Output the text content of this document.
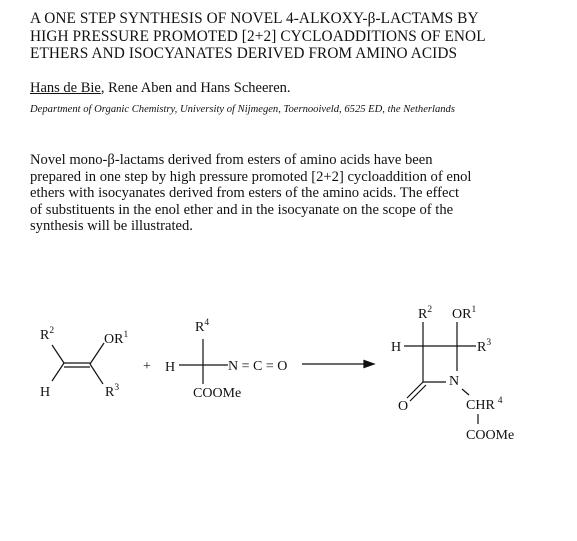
A ONE STEP SYNTHESIS OF NOVEL 4-ALKOXY-β-LACTAMS BY
HIGH PRESSURE PROMOTED [2+2] CYCLOADDITIONS OF ENOL
ETHERS AND ISOCYANATES DERIVED FROM AMINO ACIDS
Hans de Bie, Rene Aben and Hans Scheeren.
Department of Organic Chemistry, University of Nijmegen, Toernooiveld, 6525 ED, the Netherlands
Novel mono-β-lactams derived from esters of amino acids have been
prepared in one step by high pressure promoted [2+2] cycloaddition of enol
ethers with isocyanates derived from esters of the amino acids. The effect
of substituents in the enol ether and in the isocyanate on the scope of the
synthesis will be illustrated.
$R^2$
$OR^1$
H	$R^3$
+ H
$R^4$
N = C = O
COOMe
$R^2$ $OR^1$
H	$R^3$
N
O	CHR $^4$
COOMe
